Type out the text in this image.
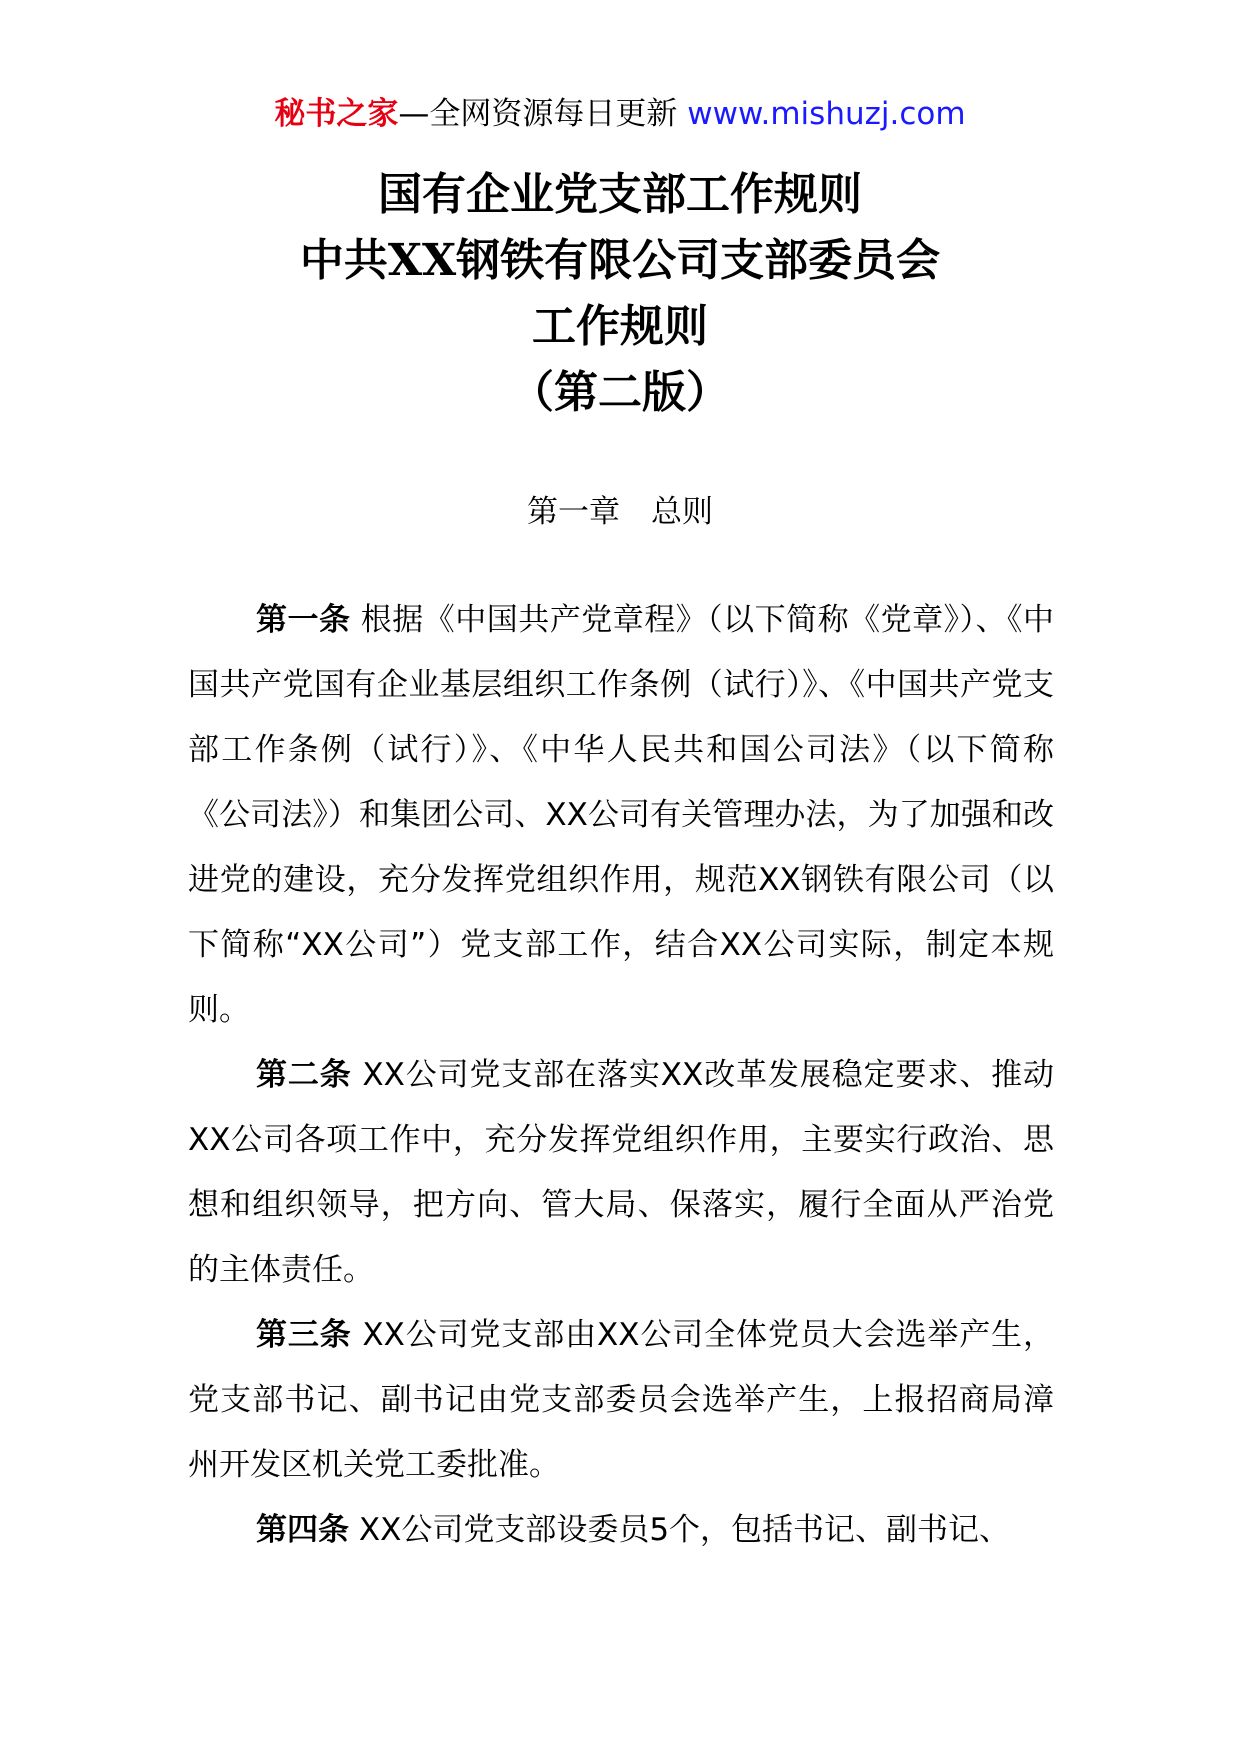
秘书之家—全网资源每日更新 www.mishuzj.com
国有企业党支部工作规则
中共XX钢铁有限公司支部委员会
工作规则
（第二版）
第一章　总则

第一条 根据《中国共产党章程》（以下简称《党章》）、《中国共产党国有企业基层组织工作条例（试行）》、《中国共产党支部工作条例（试行）》、《中华人民共和国公司法》（以下简称《公司法》）和集团公司、XX公司有关管理办法，为了加强和改进党的建设，充分发挥党组织作用，规范XX钢铁有限公司（以下简称“XX公司”）党支部工作，结合XX公司实际，制定本规则。

第二条 XX公司党支部在落实XX改革发展稳定要求、推动XX公司各项工作中，充分发挥党组织作用，主要实行政治、思想和组织领导，把方向、管大局、保落实，履行全面从严治党的主体责任。

第三条 XX公司党支部由XX公司全体党员大会选举产生，党支部书记、副书记由党支部委员会选举产生，上报招商局漳州开发区机关党工委批准。

第四条 XX公司党支部设委员5个，包括书记、副书记、
